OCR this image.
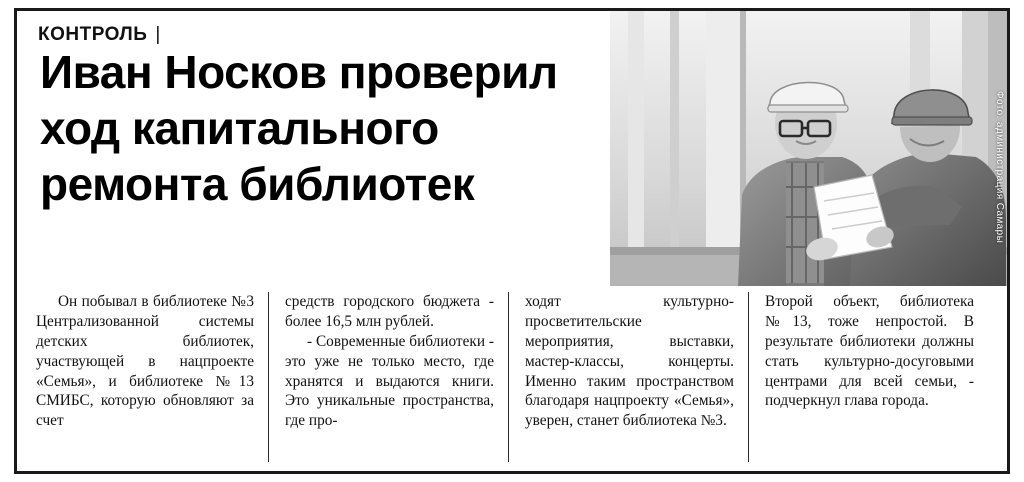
КОНТРОЛЬ |
Иван Носков проверил
ход капитального
ремонта библиотек	Фото: администрация Самары

Он побывал в библиотеке №3 Централизованной системы детских библиотек, участвующей в нацпроекте «Семья», и библиотеке №13 СМИБС, которую обновляют за счет

средств городского бюджета - более 16,5 млн рублей.

- Современные библиотеки - это уже не только место, где хранятся и выдаются книги. Это уникальные пространства, где про-

ходят культурно-просветительские мероприятия, выставки, мастер-классы, концерты. Именно таким пространством благодаря нацпроекту «Семья», уверен, станет библиотека №3.

Второй объект, библиотека №13, тоже непростой. В результате библиотеки должны стать культурно-досуговыми центрами для всей семьи, - подчеркнул глава города.
